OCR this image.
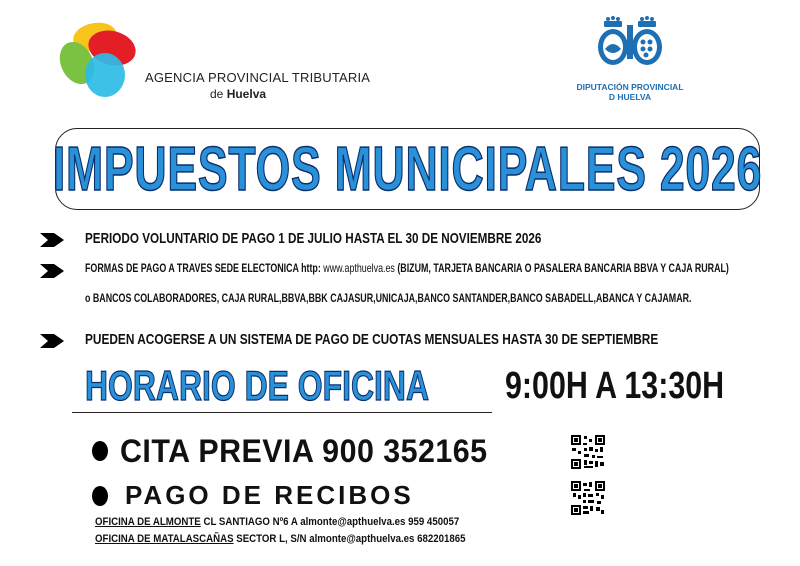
AGENCIA PROVINCIAL TRIBUTARIA
de Huelva	DIPUTACIÓN PROVINCIAL
D HUELVA
IMPUESTOS MUNICIPALES 2026
PERIODO VOLUNTARIO DE PAGO 1 DE JULIO HASTA EL 30 DE NOVIEMBRE 2026
FORMAS DE PAGO A TRAVES SEDE ELECTONICA http: www.apthuelva.es (BIZUM, TARJETA BANCARIA O PASALERA BANCARIA BBVA Y CAJA RURAL)
o BANCOS COLABORADORES, CAJA RURAL,BBVA,BBK CAJASUR,UNICAJA,BANCO SANTANDER,BANCO SABADELL,ABANCA Y CAJAMAR.
PUEDEN ACOGERSE A UN SISTEMA DE PAGO DE CUOTAS MENSUALES HASTA 30 DE SEPTIEMBRE
HORARIO DE OFICINA 9:00H A 13:30H
CITA PREVIA 900 352165
PAGO DE RECIBOS
OFICINA DE ALMONTE CL SANTIAGO Nº6 A almonte@apthuelva.es 959 450057
OFICINA DE MATALASCAÑAS SECTOR L, S/N almonte@apthuelva.es 682201865
